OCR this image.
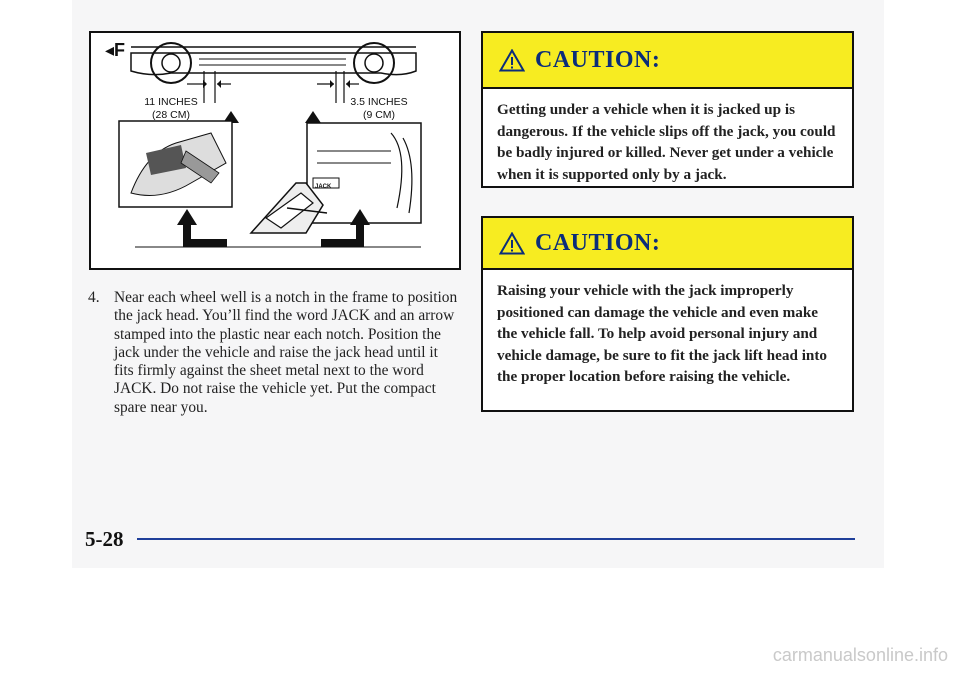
◂F
11 INCHES
(28 CM)
3.5 INCHES
(9 CM)
JACK
4. Near each wheel well is a notch in the frame to position the jack head. You’ll find the word JACK and an arrow stamped into the plastic near each notch. Position the jack under the vehicle and raise the jack head until it fits firmly against the sheet metal next to the word JACK. Do not raise the vehicle yet. Put the compact spare near you.
CAUTION:
Getting under a vehicle when it is jacked up is dangerous. If the vehicle slips off the jack, you could be badly injured or killed. Never get under a vehicle when it is supported only by a jack.
CAUTION:
Raising your vehicle with the jack improperly positioned can damage the vehicle and even make the vehicle fall. To help avoid personal injury and vehicle damage, be sure to fit the jack lift head into the proper location before raising the vehicle.
5-28
carmanualsonline.info
